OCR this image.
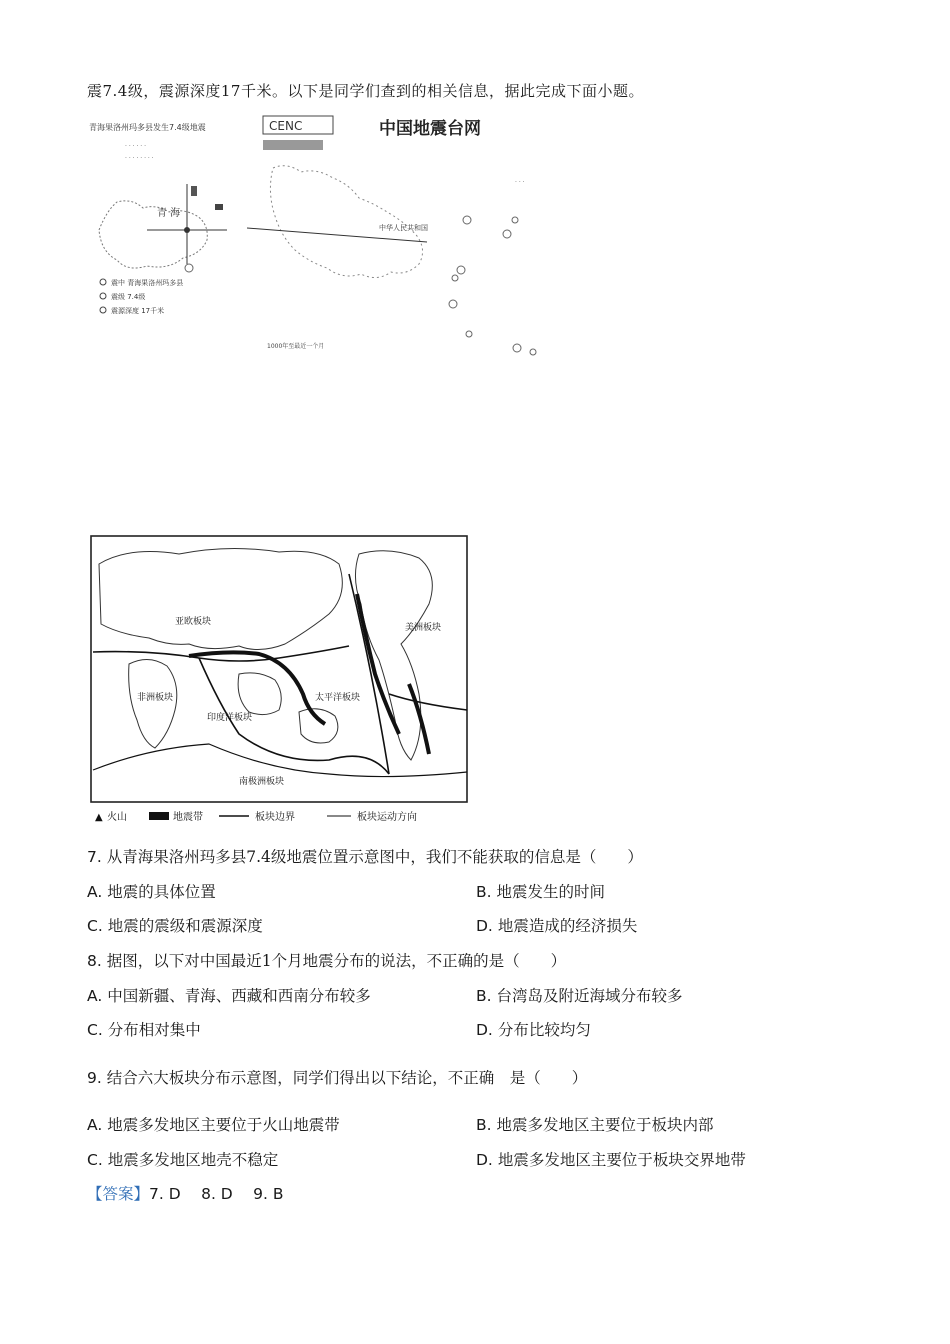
震7.4级，震源深度17千米。以下是同学们查到的相关信息，据此完成下面小题。
青海果洛州玛多县发生7.4级地震
· · · · · ·
· · · · · · · ·
青 海
震中 青海果洛州玛多县
震级 7.4级
震源深度 17千米
CENC	中国地震台网
中华人民共和国
1000年至最近一个月
· · ·
亚欧板块
非洲板块
印度洋板块
太平洋板块
美洲板块
南极洲板块
▲ 火山	地震带	板块边界	板块运动方向
7. 从青海果洛州玛多县7.4级地震位置示意图中，我们不能获取的信息是（　　）
A. 地震的具体位置	B. 地震发生的时间
C. 地震的震级和震源深度	D. 地震造成的经济损失
8. 据图，以下对中国最近1个月地震分布的说法，不正确的是（　　）
A. 中国新疆、青海、西藏和西南分布较多	B. 台湾岛及附近海域分布较多
C. 分布相对集中	D. 分布比较均匀
9. 结合六大板块分布示意图，同学们得出以下结论，不正确　是（　　）
A. 地震多发地区主要位于火山地震带	B. 地震多发地区主要位于板块内部
C. 地震多发地区地壳不稳定	D. 地震多发地区主要位于板块交界地带
【答案】7. D　 8. D　 9. B
